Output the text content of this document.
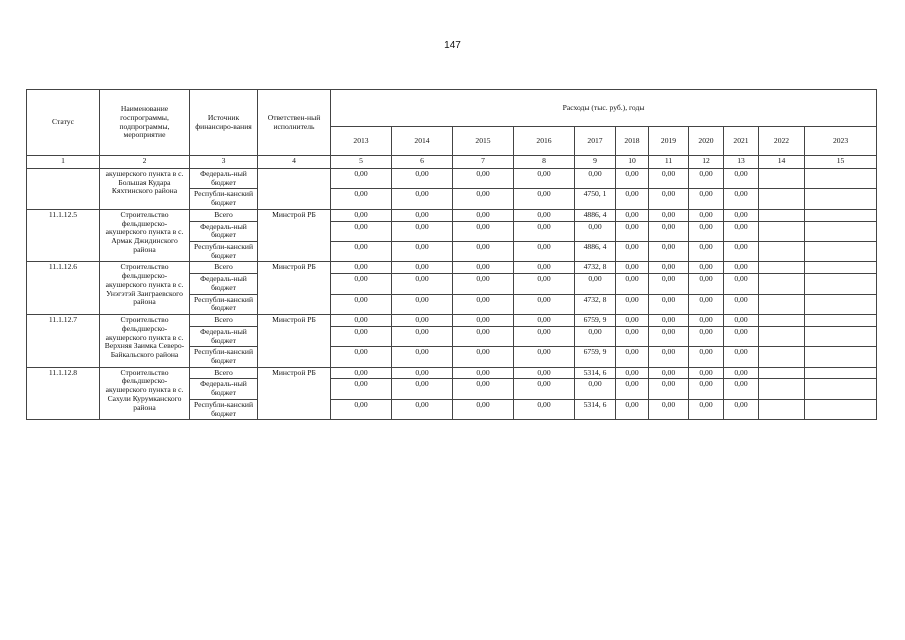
147
Статус	Наименование госпрограммы, подпрограммы, мероприятие	Источник финансиро-вания	Ответствен-ный исполнитель	Расходы (тыс. руб.), годы										
				2013	2014	2015	2016	2017	2018	2019	2020	2021	2022	2023
1	2	3	4	5	6	7	8	9	10	11	12	13	14	15
	акушерского пункта в с. Большая Кудара Кяхтинского района	Федераль-ный бюджет		0,00	0,00	0,00	0,00	0,00	0,00	0,00	0,00	0,00		
		Республи-канский бюджет		0,00	0,00	0,00	0,00	4750, 1	0,00	0,00	0,00	0,00		
11.1.12.5	Строительство фельдшерско-акушерского пункта в с. Армак Джидинского района	Всего	Минстрой РБ	0,00	0,00	0,00	0,00	4886, 4	0,00	0,00	0,00	0,00		
		Федераль-ный бюджет		0,00	0,00	0,00	0,00	0,00	0,00	0,00	0,00	0,00		
		Республи-канский бюджет		0,00	0,00	0,00	0,00	4886, 4	0,00	0,00	0,00	0,00		
11.1.12.6	Строительство фельдшерско-акушерского пункта в с. Унэгэтэй Заиграевского района	Всего	Минстрой РБ	0,00	0,00	0,00	0,00	4732, 8	0,00	0,00	0,00	0,00		
		Федераль-ный бюджет		0,00	0,00	0,00	0,00	0,00	0,00	0,00	0,00	0,00		
		Республи-канский бюджет		0,00	0,00	0,00	0,00	4732, 8	0,00	0,00	0,00	0,00		
11.1.12.7	Строительство фельдшерско-акушерского пункта в с. Верхняя Заимка Северо-Байкальского района	Всего	Минстрой РБ	0,00	0,00	0,00	0,00	6759, 9	0,00	0,00	0,00	0,00		
		Федераль-ный бюджет		0,00	0,00	0,00	0,00	0,00	0,00	0,00	0,00	0,00		
		Республи-канский бюджет		0,00	0,00	0,00	0,00	6759, 9	0,00	0,00	0,00	0,00		
11.1.12.8	Строительство фельдшерско-акушерского пункта в с. Сахули Курумканского района	Всего	Минстрой РБ	0,00	0,00	0,00	0,00	5314, 6	0,00	0,00	0,00	0,00		
		Федераль-ный бюджет		0,00	0,00	0,00	0,00	0,00	0,00	0,00	0,00	0,00		
		Республи-канский бюджет		0,00	0,00	0,00	0,00	5314, 6	0,00	0,00	0,00	0,00		
